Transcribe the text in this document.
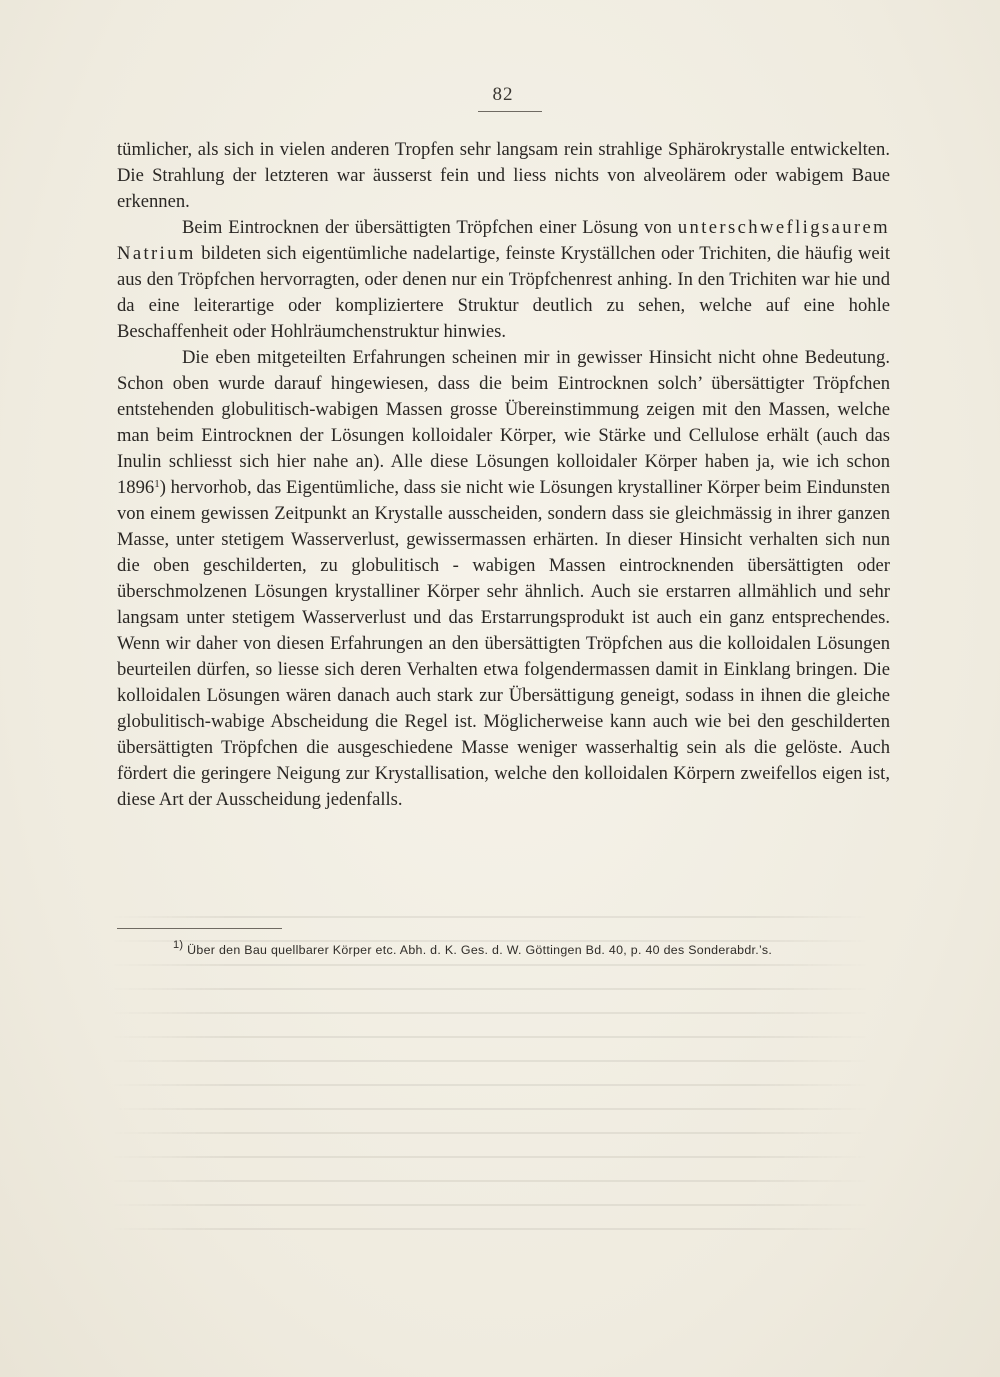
82

tümlicher, als sich in vielen anderen Tropfen sehr langsam rein strahlige Sphärokrystalle entwickelten. Die Strahlung der letzteren war äusserst fein und liess nichts von alveolärem oder wabigem Baue erkennen.

Beim Eintrocknen der übersättigten Tröpfchen einer Lösung von unterschwefligsaurem Natrium bildeten sich eigentümliche nadelartige, feinste Kryställchen oder Trichiten, die häufig weit aus den Tröpfchen hervorragten, oder denen nur ein Tröpfchenrest anhing. In den Trichiten war hie und da eine leiterartige oder kompliziertere Struktur deutlich zu sehen, welche auf eine hohle Beschaffenheit oder Hohlräumchenstruktur hinwies.

Die eben mitgeteilten Erfahrungen scheinen mir in gewisser Hinsicht nicht ohne Bedeutung. Schon oben wurde darauf hingewiesen, dass die beim Eintrocknen solch’ übersättigter Tröpfchen entstehenden globulitisch-wabigen Massen grosse Übereinstimmung zeigen mit den Massen, welche man beim Eintrocknen der Lösungen kolloidaler Körper, wie Stärke und Cellulose erhält (auch das Inulin schliesst sich hier nahe an). Alle diese Lösungen kolloidaler Körper haben ja, wie ich schon 1896$^1$) hervorhob, das Eigentümliche, dass sie nicht wie Lösungen krystalliner Körper beim Eindunsten von einem gewissen Zeitpunkt an Krystalle ausscheiden, sondern dass sie gleichmässig in ihrer ganzen Masse, unter stetigem Wasserverlust, gewissermassen erhärten. In dieser Hinsicht verhalten sich nun die oben geschilderten, zu globulitisch - wabigen Massen eintrocknenden übersättigten oder überschmolzenen Lösungen krystalliner Körper sehr ähnlich. Auch sie erstarren allmählich und sehr langsam unter stetigem Wasserverlust und das Erstarrungsprodukt ist auch ein ganz entsprechendes. Wenn wir daher von diesen Erfahrungen an den übersättigten Tröpfchen aus die kolloidalen Lösungen beurteilen dürfen, so liesse sich deren Verhalten etwa folgendermassen damit in Einklang bringen. Die kolloidalen Lösungen wären danach auch stark zur Übersättigung geneigt, sodass in ihnen die gleiche globulitisch-wabige Abscheidung die Regel ist. Möglicherweise kann auch wie bei den geschilderten übersättigten Tröpfchen die ausgeschiedene Masse weniger wasserhaltig sein als die gelöste. Auch fördert die geringere Neigung zur Krystallisation, welche den kolloidalen Körpern zweifellos eigen ist, diese Art der Ausscheidung jedenfalls.

$^{1)}$ Über den Bau quellbarer Körper etc. Abh. d. K. Ges. d. W. Göttingen Bd. 40, p. 40 des Sonderabdr.’s.
